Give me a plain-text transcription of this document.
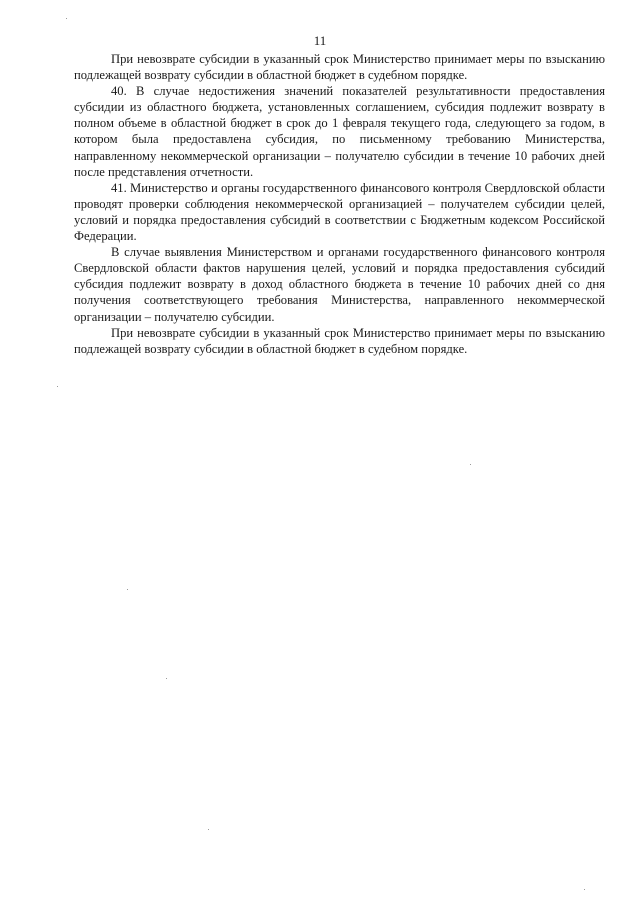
11

При невозврате субсидии в указанный срок Министерство принимает меры по взысканию подлежащей возврату субсидии в областной бюджет в судебном порядке.

40. В случае недостижения значений показателей результативности предоставления субсидии из областного бюджета, установленных соглашением, субсидия подлежит возврату в полном объеме в областной бюджет в срок до 1 февраля текущего года, следующего за годом, в котором была предоставлена субсидия, по письменному требованию Министерства, направленному некоммерческой организации – получателю субсидии в течение 10 рабочих дней после представления отчетности.

41. Министерство и органы государственного финансового контроля Свердловской области проводят проверки соблюдения некоммерческой организацией – получателем субсидии целей, условий и порядка предоставления субсидий в соответствии с Бюджетным кодексом Российской Федерации.

В случае выявления Министерством и органами государственного финансового контроля Свердловской области фактов нарушения целей, условий и порядка предоставления субсидий субсидия подлежит возврату в доход областного бюджета в течение 10 рабочих дней со дня получения соответствующего требования Министерства, направленного некоммерческой организации – получателю субсидии.

При невозврате субсидии в указанный срок Министерство принимает меры по взысканию подлежащей возврату субсидии в областной бюджет в судебном порядке.
